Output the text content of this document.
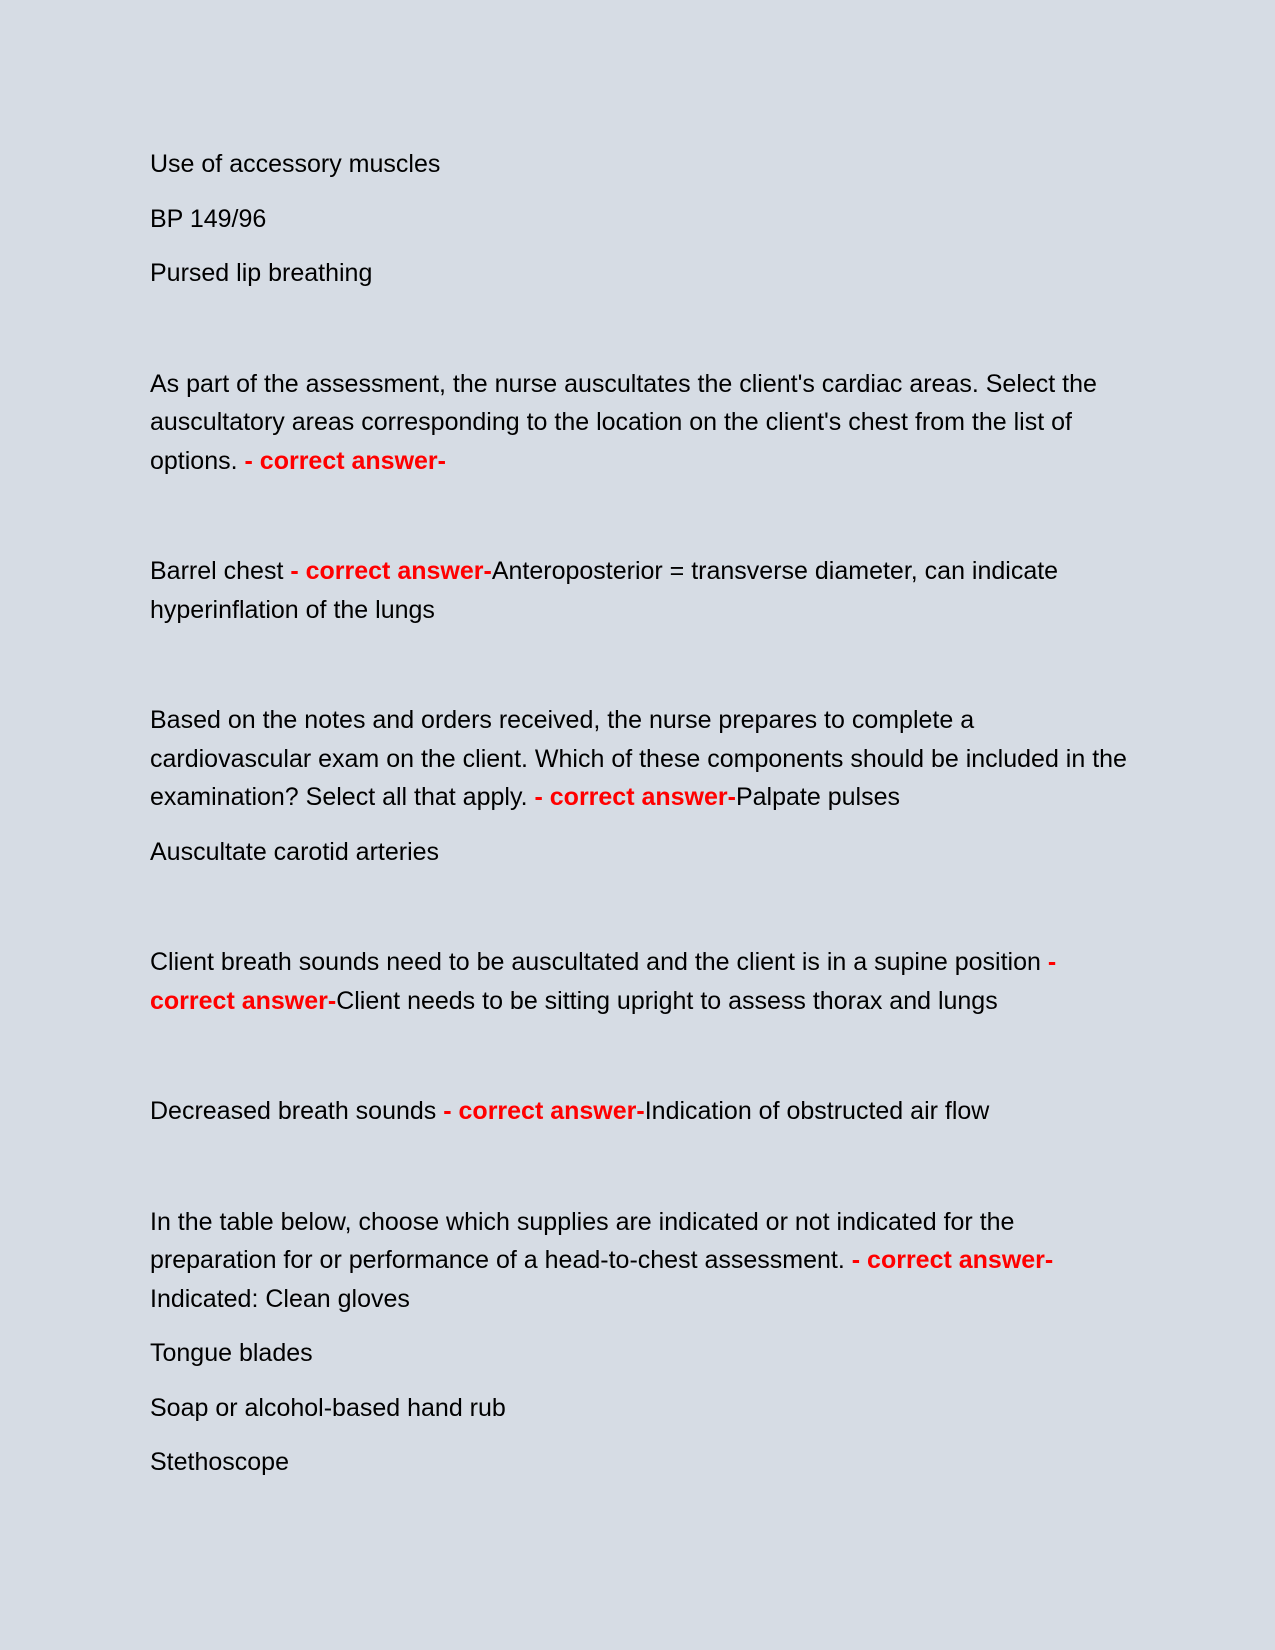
Use of accessory muscles

BP 149/96

Pursed lip breathing

As part of the assessment, the nurse auscultates the client's cardiac areas. Select the auscultatory areas corresponding to the location on the client's chest from the list of options. - correct answer-

Barrel chest - correct answer-Anteroposterior = transverse diameter, can indicate hyperinflation of the lungs

Based on the notes and orders received, the nurse prepares to complete a cardiovascular exam on the client. Which of these components should be included in the examination? Select all that apply. - correct answer-Palpate pulses

Auscultate carotid arteries

Client breath sounds need to be auscultated and the client is in a supine position - correct answer-Client needs to be sitting upright to assess thorax and lungs

Decreased breath sounds - correct answer-Indication of obstructed air flow

In the table below, choose which supplies are indicated or not indicated for the preparation for or performance of a head-to-chest assessment. - correct answer-Indicated: Clean gloves

Tongue blades

Soap or alcohol-based hand rub

Stethoscope
